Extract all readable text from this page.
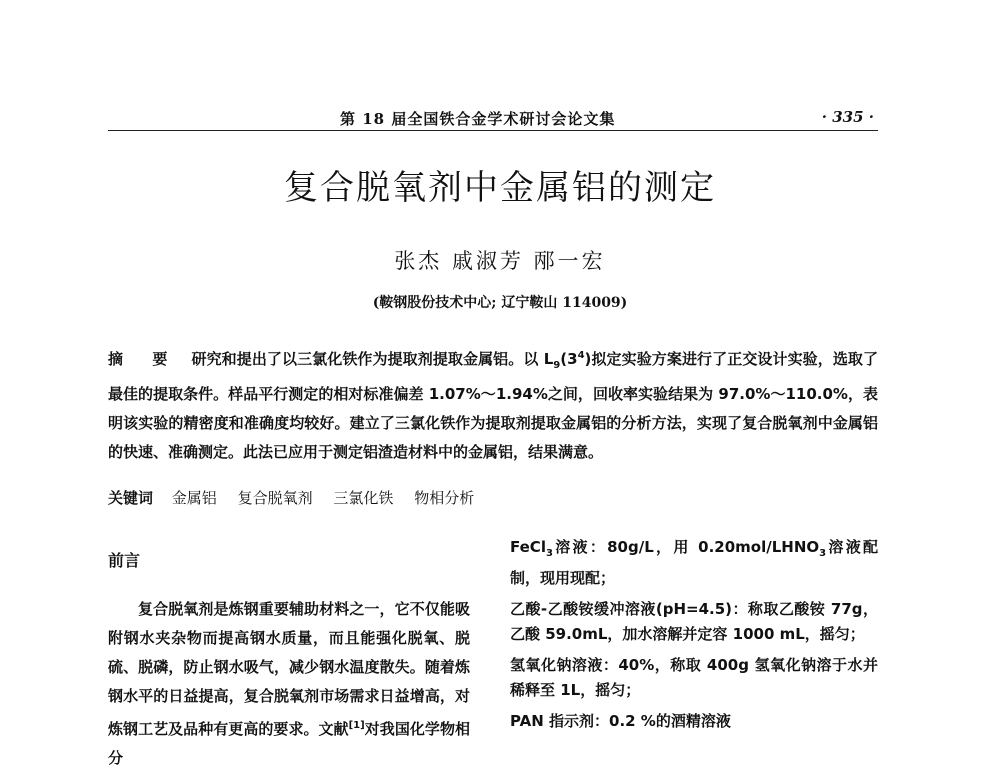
第 18 届全国铁合金学术研讨会论文集	· 335 ·
复合脱氧剂中金属铝的测定
张杰 戚淑芳 邴一宏
(鞍钢股份技术中心; 辽宁鞍山 114009)
摘 要 研究和提出了以三氯化铁作为提取剂提取金属铝。以 $L_9(3^4)$拟定实验方案进行了正交设计实验，选取了最佳的提取条件。样品平行测定的相对标准偏差 1.07%～1.94%之间，回收率实验结果为 97.0%～110.0%，表明该实验的精密度和准确度均较好。建立了三氯化铁作为提取剂提取金属铝的分析方法，实现了复合脱氧剂中金属铝的快速、准确测定。此法已应用于测定铝渣造材料中的金属铝，结果满意。
关键词 金属铝 复合脱氧剂 三氯化铁 物相分析
前言

复合脱氧剂是炼钢重要辅助材料之一，它不仅能吸附钢水夹杂物而提高钢水质量，而且能强化脱氧、脱硫、脱磷，防止钢水吸气，减少钢水温度散失。随着炼钢水平的日益提高，复合脱氧剂市场需求日益增高，对炼钢工艺及品种有更高的要求。文献[1]对我国化学物相分

FeCl$_3$溶液：80g/L，用 $0.20mol/LHNO_3$溶液配制，现用现配；

乙酸-乙酸铵缓冲溶液(pH=4.5)：称取乙酸铵 77g，乙酸 59.0mL，加水溶解并定容 1000 mL，摇匀；

氢氧化钠溶液：40%，称取 400g 氢氧化钠溶于水并稀释至 1L，摇匀；

PAN 指示剂：0.2 %的酒精溶液
